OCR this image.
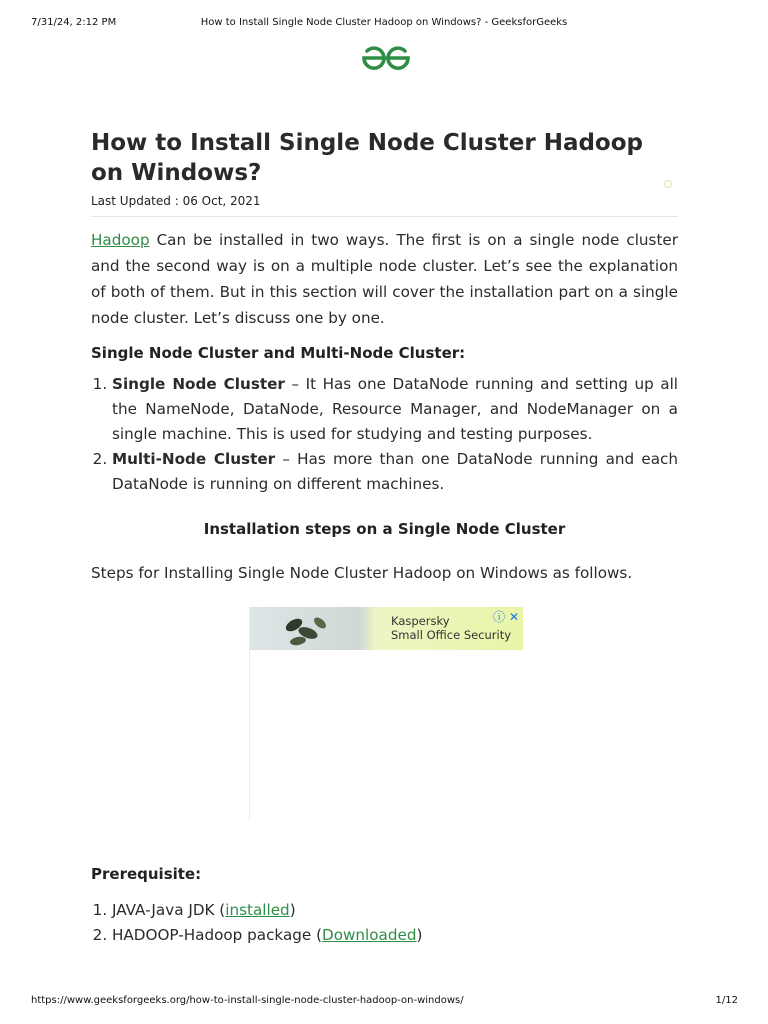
7/31/24, 2:12 PM	How to Install Single Node Cluster Hadoop on Windows? - GeeksforGeeks
How to Install Single Node Cluster Hadoop on Windows?
Last Updated : 06 Oct, 2021

Hadoop Can be installed in two ways. The first is on a single node cluster and the second way is on a multiple node cluster. Let’s see the explanation of both of them. But in this section will cover the installation part on a single node cluster. Let’s discuss one by one.

Single Node Cluster and Multi-Node Cluster:
1. Single Node Cluster – It Has one DataNode running and setting up all the NameNode, DataNode, Resource Manager, and NodeManager on a single machine. This is used for studying and testing purposes.
2. Multi-Node Cluster – Has more than one DataNode running and each DataNode is running on different machines.
Installation steps on a Single Node Cluster
Steps for Installing Single Node Cluster Hadoop on Windows as follows.
Kaspersky
Small Office Security
ⓘ ✕
Prerequisite:
1. JAVA-Java JDK (installed)
2. HADOOP-Hadoop package (Downloaded)
https://www.geeksforgeeks.org/how-to-install-single-node-cluster-hadoop-on-windows/	1/12
